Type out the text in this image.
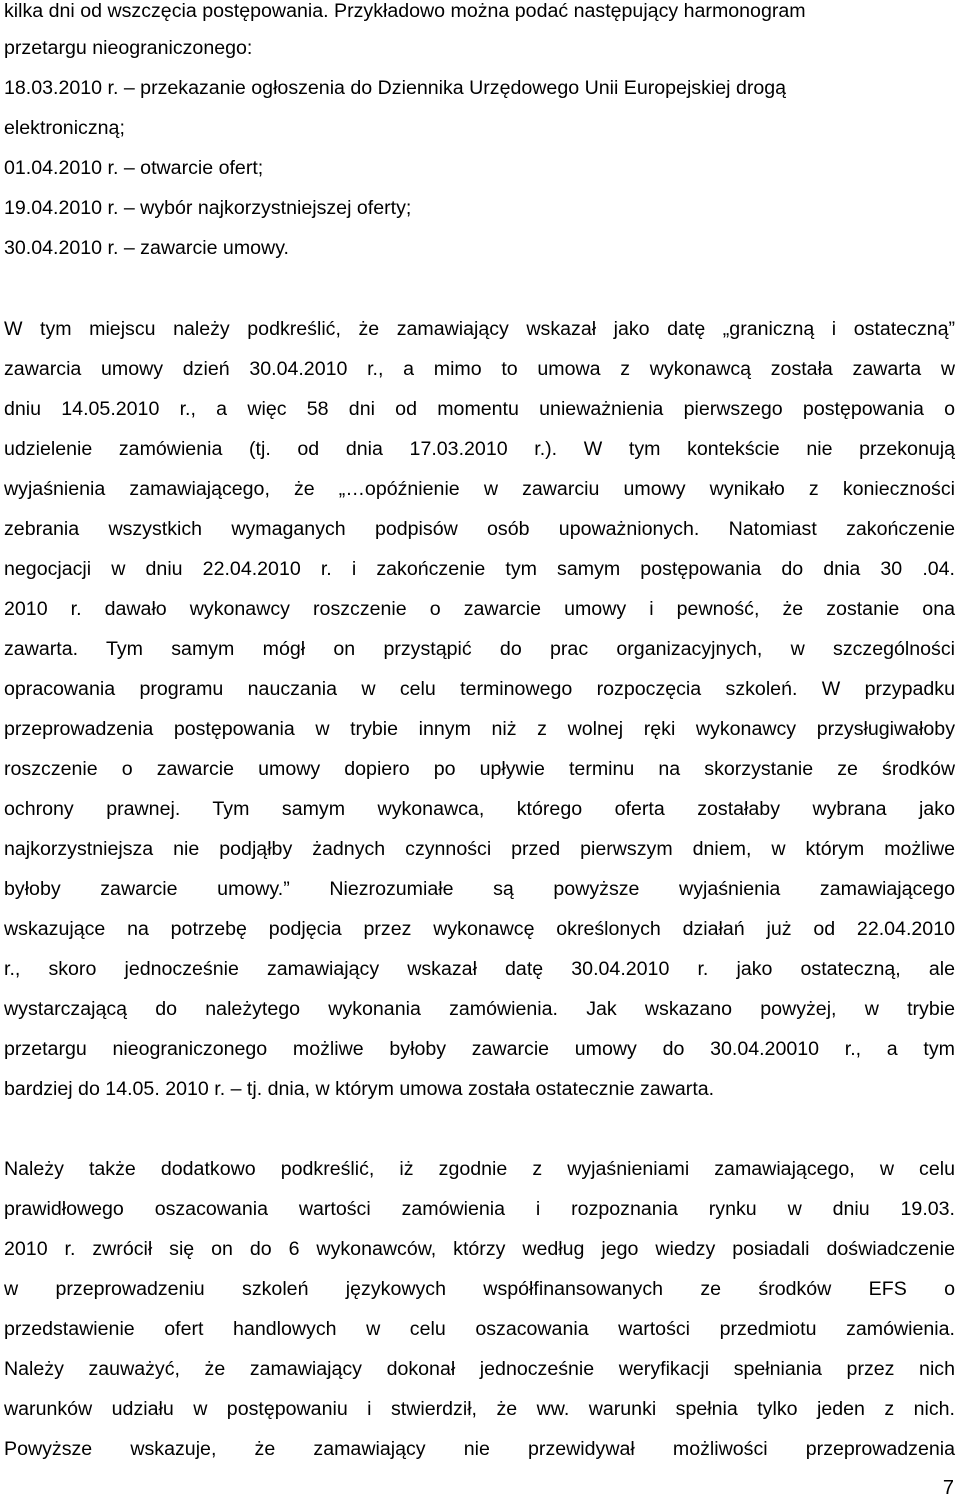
kilka dni od wszczęcia postępowania. Przykładowo można podać następujący harmonogram
przetargu nieograniczonego:
18.03.2010 r. – przekazanie ogłoszenia do Dziennika Urzędowego Unii Europejskiej drogą
elektroniczną;
01.04.2010 r. – otwarcie ofert;
19.04.2010 r. – wybór najkorzystniejszej oferty;
30.04.2010 r. – zawarcie umowy.
W tym miejscu należy podkreślić, że zamawiający wskazał jako datę „graniczną i ostateczną”
zawarcia umowy dzień 30.04.2010 r., a mimo to umowa z wykonawcą została zawarta w
dniu 14.05.2010 r., a więc 58 dni od momentu unieważnienia pierwszego postępowania o
udzielenie zamówienia (tj. od dnia 17.03.2010 r.). W tym kontekście nie przekonują
wyjaśnienia zamawiającego, że „…opóźnienie w zawarciu umowy wynikało z konieczności
zebrania wszystkich wymaganych podpisów osób upoważnionych. Natomiast zakończenie
negocjacji w dniu 22.04.2010 r. i zakończenie tym samym postępowania do dnia 30 .04.
2010 r. dawało wykonawcy roszczenie o zawarcie umowy i pewność, że zostanie ona
zawarta. Tym samym mógł on przystąpić do prac organizacyjnych, w szczególności
opracowania programu nauczania w celu terminowego rozpoczęcia szkoleń. W przypadku
przeprowadzenia postępowania w trybie innym niż z wolnej ręki wykonawcy przysługiwałoby
roszczenie o zawarcie umowy dopiero po upływie terminu na skorzystanie ze środków
ochrony prawnej. Tym samym wykonawca, którego oferta zostałaby wybrana jako
najkorzystniejsza nie podjąłby żadnych czynności przed pierwszym dniem, w którym możliwe
byłoby zawarcie umowy.” Niezrozumiałe są powyższe wyjaśnienia zamawiającego
wskazujące na potrzebę podjęcia przez wykonawcę określonych działań już od 22.04.2010
r., skoro jednocześnie zamawiający wskazał datę 30.04.2010 r. jako ostateczną, ale
wystarczającą do należytego wykonania zamówienia. Jak wskazano powyżej, w trybie
przetargu nieograniczonego możliwe byłoby zawarcie umowy do 30.04.20010 r., a tym
bardziej do 14.05. 2010 r. – tj. dnia, w którym umowa została ostatecznie zawarta.
Należy także dodatkowo podkreślić, iż zgodnie z wyjaśnieniami zamawiającego, w celu
prawidłowego oszacowania wartości zamówienia i rozpoznania rynku w dniu 19.03.
2010 r. zwrócił się on do 6 wykonawców, którzy według jego wiedzy posiadali doświadczenie
w przeprowadzeniu szkoleń językowych współfinansowanych ze środków EFS o
przedstawienie ofert handlowych w celu oszacowania wartości przedmiotu zamówienia.
Należy zauważyć, że zamawiający dokonał jednocześnie weryfikacji spełniania przez nich
warunków udziału w postępowaniu i stwierdził, że ww. warunki spełnia tylko jeden z nich.
Powyższe wskazuje, że zamawiający nie przewidywał możliwości przeprowadzenia
7
